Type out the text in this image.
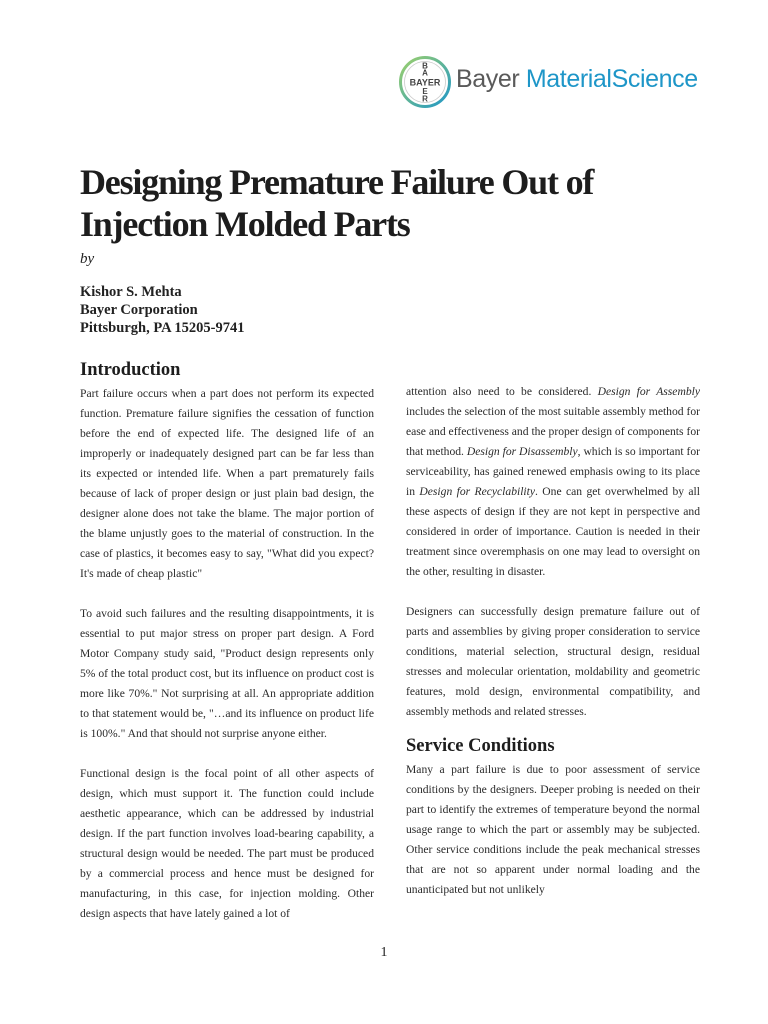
BAYER
B
A
E
R
Bayer MaterialScience
Designing Premature Failure Out of Injection Molded Parts
by
Kishor S. Mehta
Bayer Corporation
Pittsburgh, PA 15205-9741
Introduction

Part failure occurs when a part does not perform its expected function. Premature failure signifies the cessation of function before the end of expected life. The designed life of an improperly or inadequately designed part can be far less than its expected or intended life. When a part prematurely fails because of lack of proper design or just plain bad design, the designer alone does not take the blame. The major portion of the blame unjustly goes to the material of construction. In the case of plastics, it becomes easy to say, "What did you expect? It's made of cheap plastic"

To avoid such failures and the resulting disappointments, it is essential to put major stress on proper part design. A Ford Motor Company study said, "Product design represents only 5% of the total product cost, but its influence on product cost is more like 70%." Not surprising at all. An appropriate addition to that statement would be, "…and its influence on product life is 100%." And that should not surprise anyone either.

Functional design is the focal point of all other aspects of design, which must support it. The function could include aesthetic appearance, which can be addressed by industrial design. If the part function involves load-bearing capability, a structural design would be needed. The part must be produced by a commercial process and hence must be designed for manufacturing, in this case, for injection molding. Other design aspects that have lately gained a lot of

attention also need to be considered. Design for Assembly includes the selection of the most suitable assembly method for ease and effectiveness and the proper design of components for that method. Design for Disassembly, which is so important for serviceability, has gained renewed emphasis owing to its place in Design for Recyclability. One can get overwhelmed by all these aspects of design if they are not kept in perspective and considered in order of importance. Caution is needed in their treatment since overemphasis on one may lead to oversight on the other, resulting in disaster.

Designers can successfully design premature failure out of parts and assemblies by giving proper consideration to service conditions, material selection, structural design, residual stresses and molecular orientation, moldability and geometric features, mold design, environmental compatibility, and assembly methods and related stresses.

Service Conditions

Many a part failure is due to poor assessment of service conditions by the designers. Deeper probing is needed on their part to identify the extremes of temperature beyond the normal usage range to which the part or assembly may be subjected. Other service conditions include the peak mechanical stresses that are not so apparent under normal loading and the unanticipated but not unlikely

1
